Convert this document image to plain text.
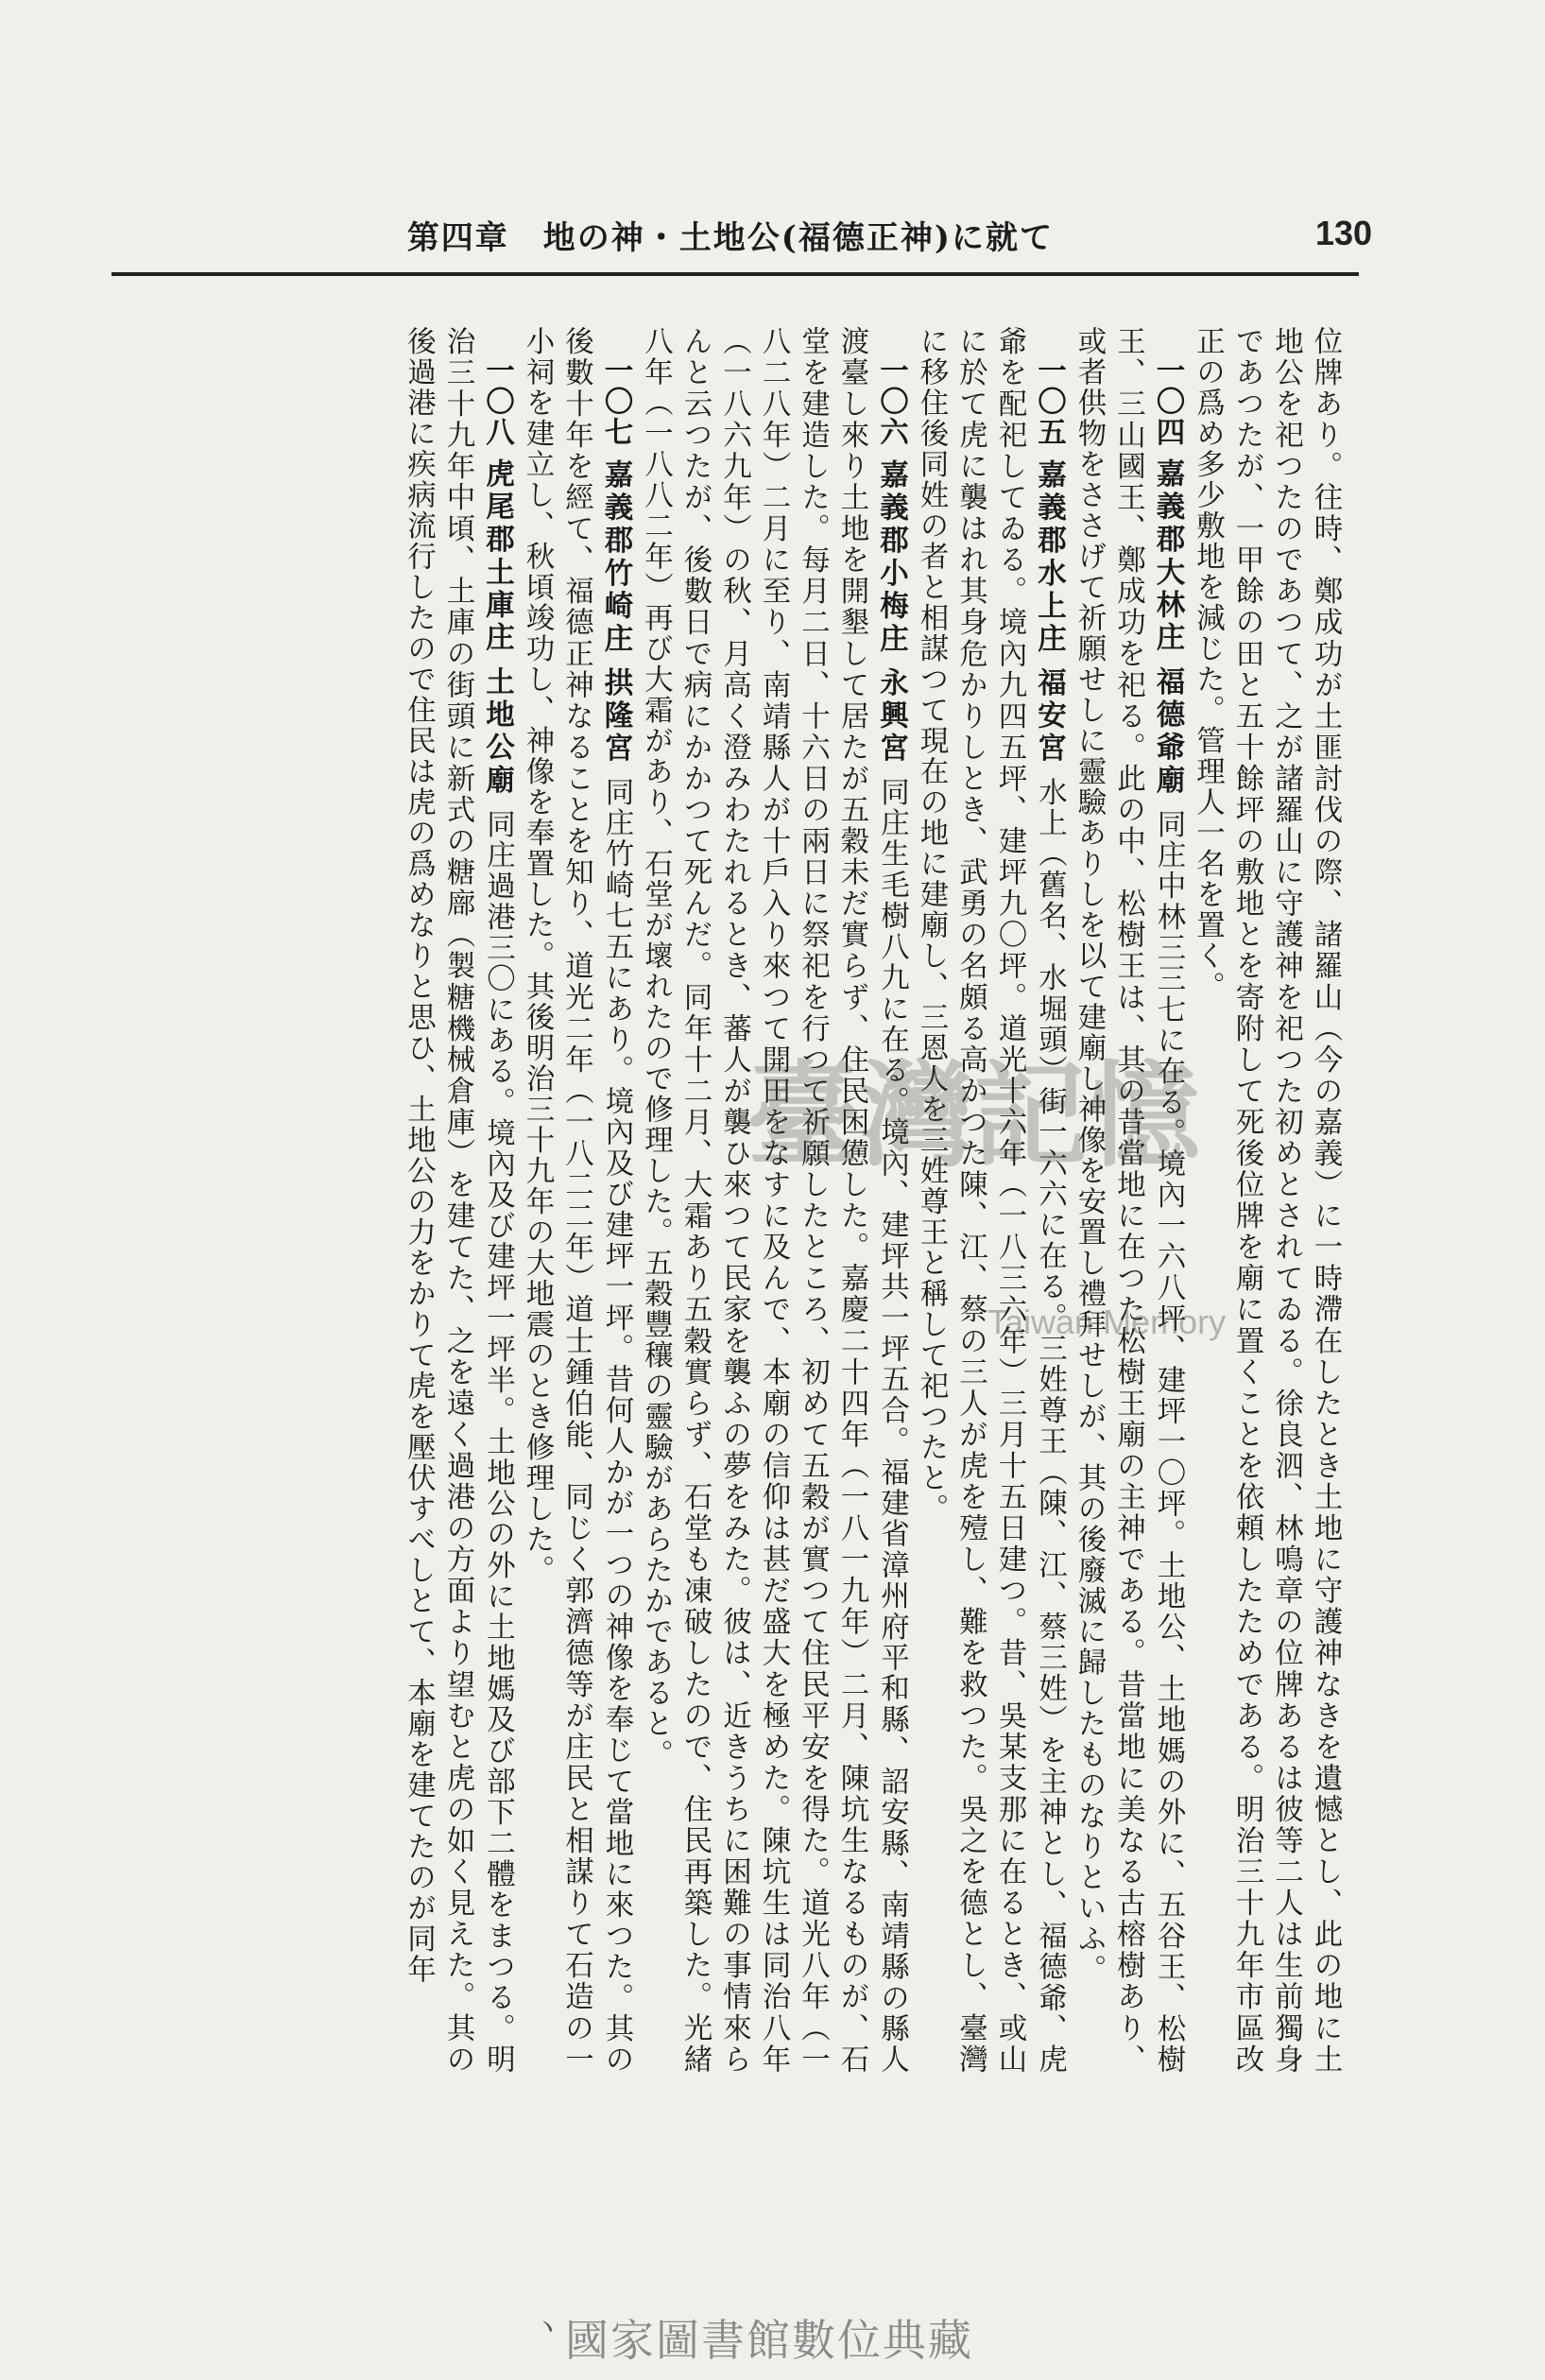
130
第四章　地の神・土地公(福德正神)に就て

位牌あり。往時、鄭成功が土匪討伐の際、諸羅山（今の嘉義）に一時滯在したとき土地に守護神なきを遺憾とし、此の地に土地公を祀つたのであつて、之が諸羅山に守護神を祀つた初めとされてゐる。徐良泗、林鳴章の位牌あるは彼等二人は生前獨身であつたが、一甲餘の田と五十餘坪の敷地とを寄附して死後位牌を廟に置くことを依頼したためである。明治三十九年市區改正の爲め多少敷地を減じた。管理人一名を置く。

一〇四 嘉義郡大林庄 福德爺廟 同庄中林三三七に在る。境內一六八坪、建坪一〇坪。土地公、土地媽の外に、五谷王、松樹王、三山國王、鄭成功を祀る。此の中、松樹王は、其の昔當地に在つた松樹王廟の主神である。昔當地に美なる古榕樹あり、或者供物をささげて祈願せしに靈驗ありしを以て建廟し神像を安置し禮拜せしが、其の後廢滅に歸したものなりといふ。

一〇五 嘉義郡水上庄 福安宮 水上（舊名、水堀頭）街一六六に在る。三姓尊王（陳、江、蔡三姓）を主神とし、福德爺、虎爺を配祀してゐる。境內九四五坪、建坪九〇坪。道光十六年（一八三六年）三月十五日建つ。昔、吳某支那に在るとき、或山に於て虎に襲はれ其身危かりしとき、武勇の名頗る高かつた陳、江、蔡の三人が虎を殪し、難を救つた。吳之を德とし、臺灣に移住後同姓の者と相謀つて現在の地に建廟し、三恩人を三姓尊王と稱して祀つたと。

一〇六 嘉義郡小梅庄 永興宮 同庄生毛樹八九に在る。境內、建坪共一坪五合。福建省漳州府平和縣、詔安縣、南靖縣の縣人渡臺し來り土地を開墾して居たが五穀未だ實らず、住民困憊した。嘉慶二十四年（一八一九年）二月、陳坑生なるものが、石堂を建造した。每月二日、十六日の兩日に祭祀を行つて祈願したところ、初めて五穀が實つて住民平安を得た。道光八年（一八二八年）二月に至り、南靖縣人が十戶入り來つて開田をなすに及んで、本廟の信仰は甚だ盛大を極めた。陳坑生は同治八年（一八六九年）の秋、月高く澄みわたれるとき、蕃人が襲ひ來つて民家を襲ふの夢をみた。彼は、近きうちに困難の事情來らんと云つたが、後數日で病にかかつて死んだ。同年十二月、大霜あり五穀實らず、石堂も凍破したので、住民再築した。光緒八年（一八八二年）再び大霜があり、石堂が壞れたので修理した。五穀豐穰の靈驗があらたかであると。

一〇七 嘉義郡竹崎庄 拱隆宮 同庄竹崎七五にあり。境內及び建坪一坪。昔何人かが一つの神像を奉じて當地に來つた。其の後數十年を經て、福德正神なることを知り、道光二年（一八二二年）道士鍾伯能、同じく郭濟德等が庄民と相謀りて石造の一小祠を建立し、秋頃竣功し、神像を奉置した。其後明治三十九年の大地震のとき修理した。

一〇八 虎尾郡土庫庄 土地公廟 同庄過港三〇にある。境內及び建坪一坪半。土地公の外に土地媽及び部下二體をまつる。明治三十九年中頃、土庫の街頭に新式の糖廍（製糖機械倉庫）を建てた、之を遠く過港の方面より望むと虎の如く見えた。其の後過港に疾病流行したので住民は虎の爲めなりと思ひ、土地公の力をかりて虎を壓伏すべしとて、本廟を建てたのが同年	臺灣記憶
Taiwan Memory
ヽ 國家圖書館數位典藏
